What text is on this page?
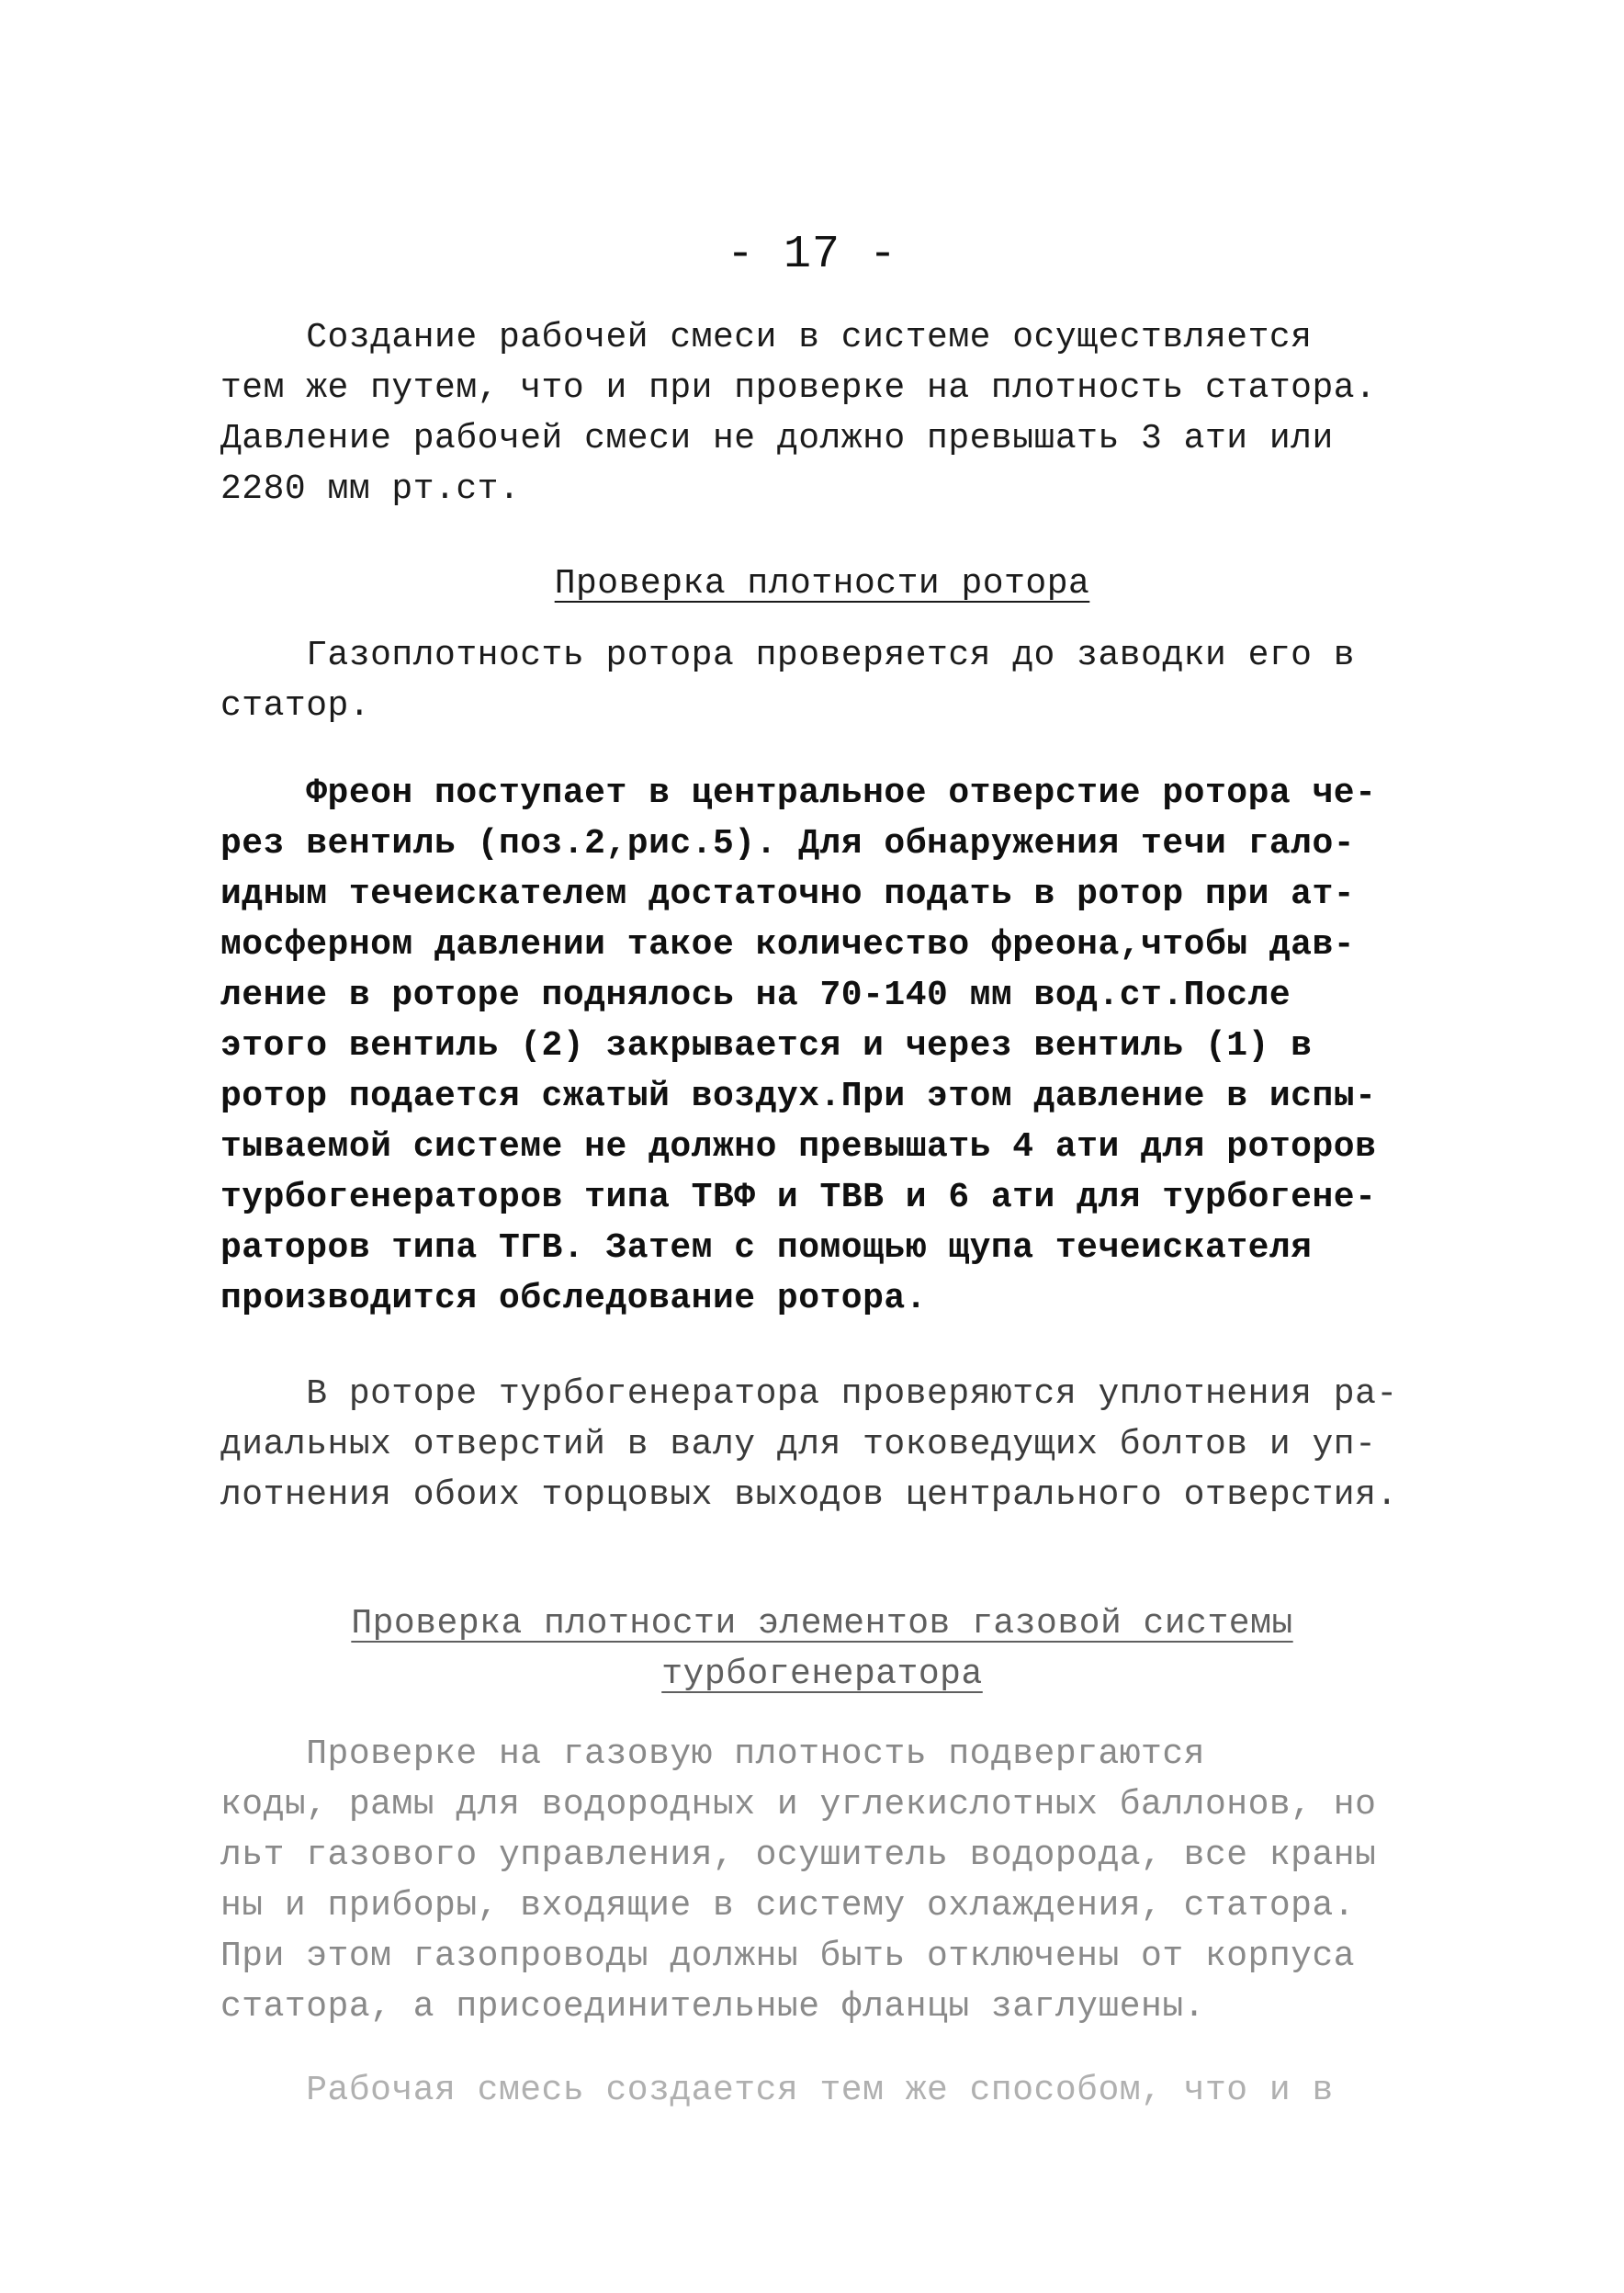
- 17 -

Создание рабочей смеси в системе осуществляется
тем же путем, что и при проверке на плотность статора.
Давление рабочей смеси не должно превышать 3 ати или
2280 мм рт.ст.

Проверка плотности ротора

Газоплотность ротора проверяется до заводки его в
статор.

Фреон поступает в центральное отверстие ротора че-
рез вентиль (поз.2,рис.5). Для обнаружения течи гало-
идным течеискателем достаточно подать в ротор при ат-
мосферном давлении такое количество фреона,чтобы дав-
ление в роторе поднялось на 70-140 мм вод.ст.После
этого вентиль (2) закрывается и через вентиль (1) в
ротор подается сжатый воздух.При этом давление в испы-
тываемой системе не должно превышать 4 ати для роторов
турбогенераторов типа ТВФ и ТВВ и 6 ати для турбогене-
раторов типа ТГВ. Затем с помощью щупа течеискателя
производится обследование ротора.

В роторе турбогенератора проверяются уплотнения ра-
диальных отверстий в валу для токоведущих болтов и уп-
лотнения обоих торцовых выходов центрального отверстия.

Проверка плотности элементов газовой системы
турбогенератора

Проверке на газовую плотность подвергаются
коды, рамы для водородных и углекислотных баллонов, но
льт газового управления, осушитель водорода, все краны
ны и приборы, входящие в систему охлаждения, статора.
При этом газопроводы должны быть отключены от корпуса
статора, а присоединительные фланцы заглушены.

Рабочая смесь создается тем же способом, что и в
